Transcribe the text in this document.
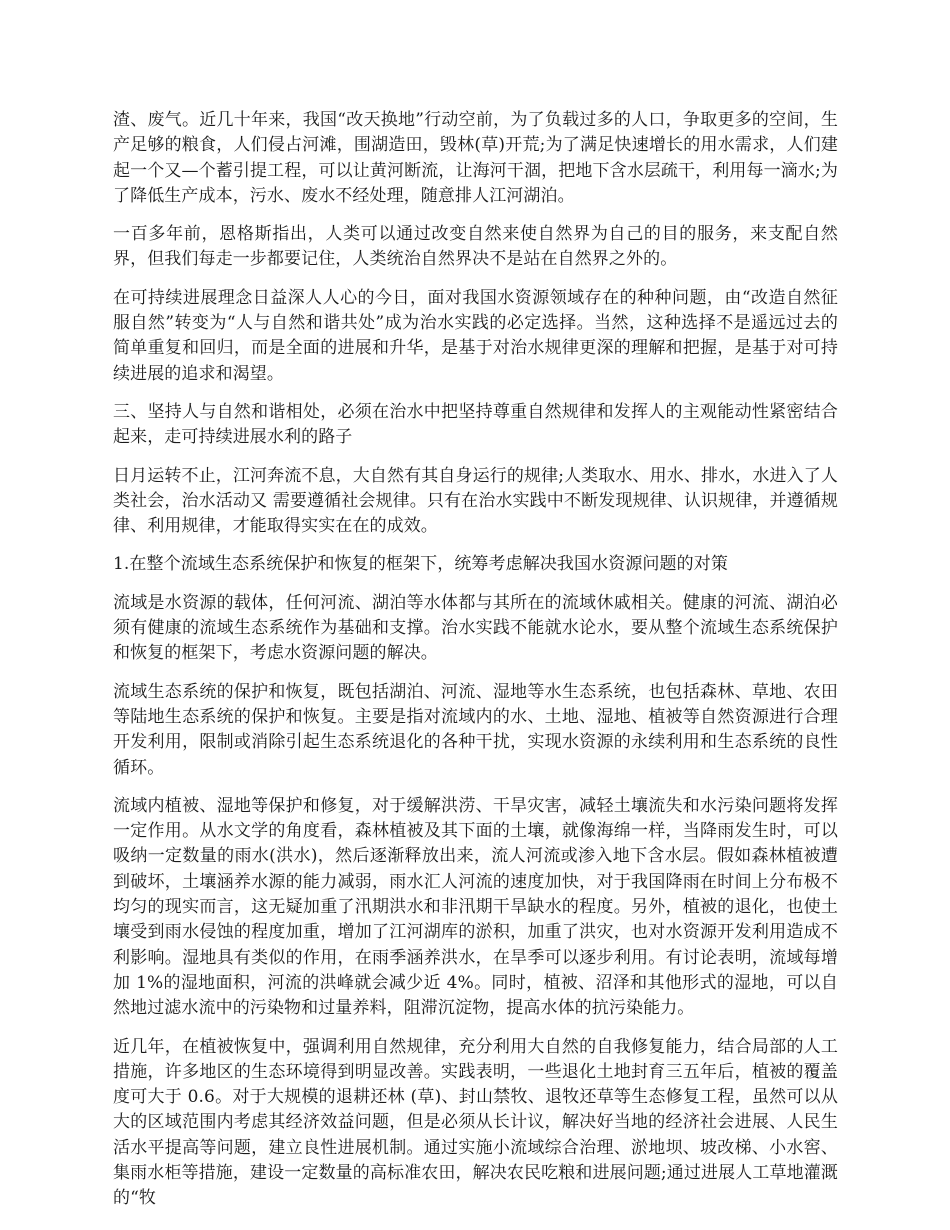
渣、废气。近几十年来，我国“改天换地”行动空前，为了负载过多的人口，争取更多的空间，生产足够的粮食，人们侵占河滩，围湖造田，毁林(草)开荒;为了满足快速增长的用水需求，人们建起一个又—个蓄引提工程，可以让黄河断流，让海河干涸，把地下含水层疏干，利用每一滴水;为了降低生产成本，污水、废水不经处理，随意排人江河湖泊。

一百多年前，恩格斯指出，人类可以通过改变自然来使自然界为自己的目的服务，来支配自然界，但我们每走一步都要记住，人类统治自然界决不是站在自然界之外的。

在可持续进展理念日益深人人心的今日，面对我国水资源领域存在的种种问题，由“改造自然征服自然”转变为“人与自然和谐共处”成为治水实践的必定选择。当然，这种选择不是遥远过去的简单重复和回归，而是全面的进展和升华，是基于对治水规律更深的理解和把握，是基于对可持续进展的追求和渴望。

三、坚持人与自然和谐相处，必须在治水中把坚持尊重自然规律和发挥人的主观能动性紧密结合起来，走可持续进展水利的路子

日月运转不止，江河奔流不息，大自然有其自身运行的规律;人类取水、用水、排水，水进入了人类社会，治水活动又 需要遵循社会规律。只有在治水实践中不断发现规律、认识规律，并遵循规律、利用规律，才能取得实实在在的成效。

1.在整个流域生态系统保护和恢复的框架下，统筹考虑解决我国水资源问题的对策

流域是水资源的载体，任何河流、湖泊等水体都与其所在的流域休戚相关。健康的河流、湖泊必须有健康的流域生态系统作为基础和支撑。治水实践不能就水论水，要从整个流域生态系统保护和恢复的框架下，考虑水资源问题的解决。

流域生态系统的保护和恢复，既包括湖泊、河流、湿地等水生态系统，也包括森林、草地、农田等陆地生态系统的保护和恢复。主要是指对流域内的水、土地、湿地、植被等自然资源进行合理开发利用，限制或消除引起生态系统退化的各种干扰，实现水资源的永续利用和生态系统的良性循环。

流域内植被、湿地等保护和修复，对于缓解洪涝、干旱灾害，减轻土壤流失和水污染问题将发挥一定作用。从水文学的角度看，森林植被及其下面的土壤，就像海绵一样，当降雨发生时，可以吸纳一定数量的雨水(洪水)，然后逐渐释放出来，流人河流或渗入地下含水层。假如森林植被遭到破坏，土壤涵养水源的能力减弱，雨水汇人河流的速度加快，对于我国降雨在时间上分布极不均匀的现实而言，这无疑加重了汛期洪水和非汛期干旱缺水的程度。另外，植被的退化，也使土壤受到雨水侵蚀的程度加重，增加了江河湖库的淤积，加重了洪灾，也对水资源开发利用造成不利影响。湿地具有类似的作用，在雨季涵养洪水，在旱季可以逐步利用。有讨论表明，流域每增加 1%的湿地面积，河流的洪峰就会减少近 4%。同时，植被、沼泽和其他形式的湿地，可以自然地过滤水流中的污染物和过量养料，阻滞沉淀物，提高水体的抗污染能力。

近几年，在植被恢复中，强调利用自然规律，充分利用大自然的自我修复能力，结合局部的人工措施，许多地区的生态环境得到明显改善。实践表明，一些退化土地封育三五年后，植被的覆盖度可大于 0.6。对于大规模的退耕还林 (草)、封山禁牧、退牧还草等生态修复工程，虽然可以从大的区域范围内考虑其经济效益问题，但是必须从长计议，解决好当地的经济社会进展、人民生活水平提高等问题，建立良性进展机制。通过实施小流域综合治理、淤地坝、坡改梯、小水窖、集雨水柜等措施，建设一定数量的高标准农田，解决农民吃粮和进展问题;通过进展人工草地灌溉的“牧
